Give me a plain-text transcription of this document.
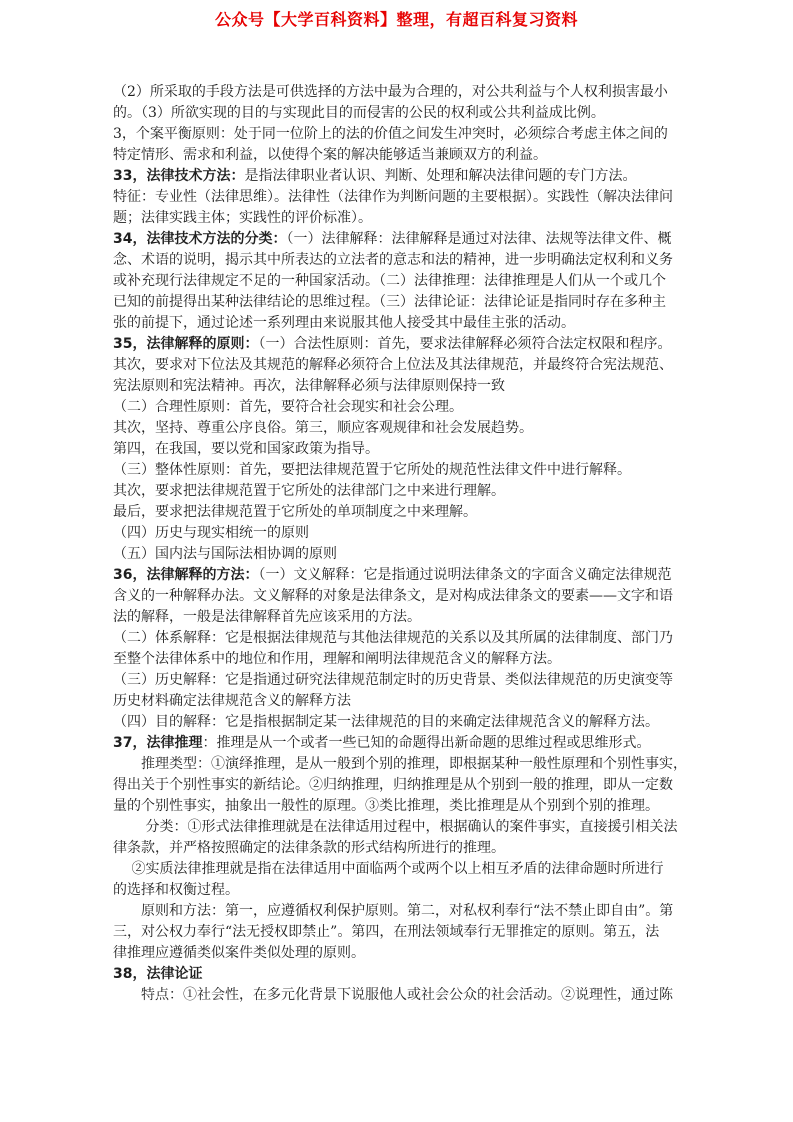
公众号【大学百科资料】整理，有超百科复习资料
（2）所采取的手段方法是可供选择的方法中最为合理的，对公共利益与个人权利损害最小
的。（3）所欲实现的目的与实现此目的而侵害的公民的权利或公共利益成比例。
3，个案平衡原则：处于同一位阶上的法的价值之间发生冲突时，必须综合考虑主体之间的
特定情形、需求和利益，以使得个案的解决能够适当兼顾双方的利益。
33，法律技术方法：是指法律职业者认识、判断、处理和解决法律问题的专门方法。
特征：专业性（法律思维）。法律性（法律作为判断问题的主要根据）。实践性（解决法律问
题；法律实践主体；实践性的评价标准）。
34，法律技术方法的分类：（一）法律解释：法律解释是通过对法律、法规等法律文件、概
念、术语的说明，揭示其中所表达的立法者的意志和法的精神，进一步明确法定权利和义务
或补充现行法律规定不足的一种国家活动。（二）法律推理：法律推理是人们从一个或几个
已知的前提得出某种法律结论的思维过程。（三）法律论证：法律论证是指同时存在多种主
张的前提下，通过论述一系列理由来说服其他人接受其中最佳主张的活动。
35，法律解释的原则：（一）合法性原则：首先，要求法律解释必须符合法定权限和程序。
其次，要求对下位法及其规范的解释必须符合上位法及其法律规范，并最终符合宪法规范、
宪法原则和宪法精神。再次，法律解释必须与法律原则保持一致
（二）合理性原则：首先，要符合社会现实和社会公理。
其次，坚持、尊重公序良俗。第三，顺应客观规律和社会发展趋势。
第四，在我国，要以党和国家政策为指导。
（三）整体性原则：首先，要把法律规范置于它所处的规范性法律文件中进行解释。
其次，要求把法律规范置于它所处的法律部门之中来进行理解。
最后，要求把法律规范置于它所处的单项制度之中来理解。
（四）历史与现实相统一的原则
（五）国内法与国际法相协调的原则
36，法律解释的方法：（一）文义解释：它是指通过说明法律条文的字面含义确定法律规范
含义的一种解释办法。文义解释的对象是法律条文，是对构成法律条文的要素——文字和语
法的解释，一般是法律解释首先应该采用的方法。
（二）体系解释：它是根据法律规范与其他法律规范的关系以及其所属的法律制度、部门乃
至整个法律体系中的地位和作用，理解和阐明法律规范含义的解释方法。
（三）历史解释：它是指通过研究法律规范制定时的历史背景、类似法律规范的历史演变等
历史材料确定法律规范含义的解释方法
（四）目的解释：它是指根据制定某一法律规范的目的来确定法律规范含义的解释方法。
37，法律推理：推理是从一个或者一些已知的命题得出新命题的思维过程或思维形式。
　　推理类型：①演绎推理，是从一般到个别的推理，即根据某种一般性原理和个别性事实，
得出关于个别性事实的新结论。②归纳推理，归纳推理是从个别到一般的推理，即从一定数
量的个别性事实，抽象出一般性的原理。③类比推理，类比推理是从个别到个别的推理。
　　 分类：①形式法律推理就是在法律适用过程中，根据确认的案件事实，直接援引相关法
律条款，并严格按照确定的法律条款的形式结构所进行的推理。
　 ②实质法律推理就是指在法律适用中面临两个或两个以上相互矛盾的法律命题时所进行
的选择和权衡过程。
　　原则和方法：第一，应遵循权利保护原则。第二，对私权利奉行“法不禁止即自由”。第
三，对公权力奉行“法无授权即禁止”。第四，在刑法领域奉行无罪推定的原则。第五，法
律推理应遵循类似案件类似处理的原则。
38，法律论证
　　特点：①社会性，在多元化背景下说服他人或社会公众的社会活动。②说理性，通过陈
